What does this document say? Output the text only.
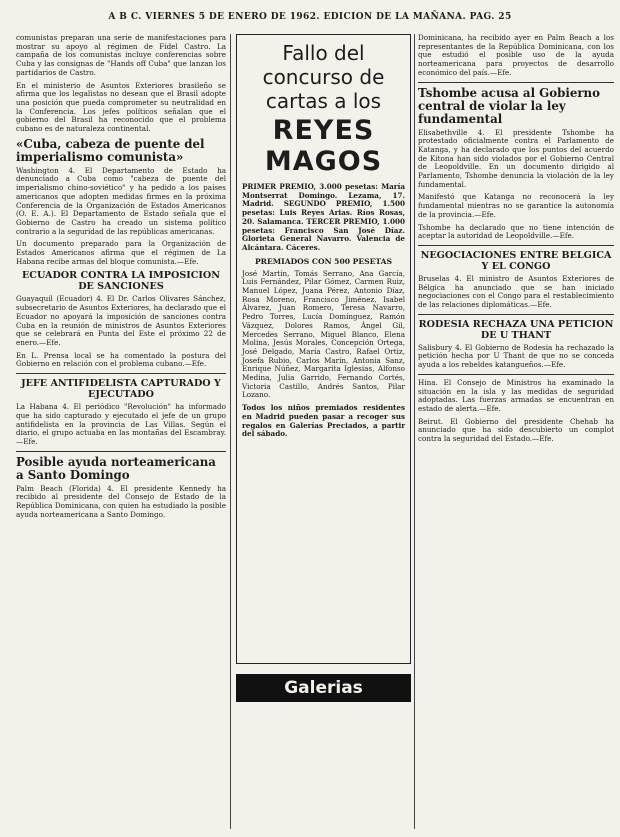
A B C. VIERNES 5 DE ENERO DE 1962. EDICION DE LA MAÑANA. PAG. 25

comunistas preparan una serie de manifestaciones para mostrar su apoyo al régimen de Fidel Castro. La campaña de los comunistas incluye conferencias sobre Cuba y las consignas de "Hands off Cuba" que lanzan los partidarios de Castro.

En el ministerio de Asuntos Exteriores brasileño se afirma que los legalistas no desean que el Brasil adopte una posición que pueda comprometer su neutralidad en la Conferencia. Los jefes políticos señalan que el gobierno del Brasil ha reconocido que el problema cubano es de naturaleza continental.

«Cuba, cabeza de puente del imperialismo comunista»

Washington 4. El Departamento de Estado ha denunciado a Cuba como "cabeza de puente del imperialismo chino-soviético" y ha pedido a los países americanos que adopten medidas firmes en la próxima Conferencia de la Organización de Estados Americanos (O. E. A.). El Departamento de Estado señala que el Gobierno de Castro ha creado un sistema político contrario a la seguridad de las repúblicas americanas.

Un documento preparado para la Organización de Estados Americanos afirma que el régimen de La Habana recibe armas del bloque comunista.—Efe.

ECUADOR CONTRA LA IMPOSICION DE SANCIONES

Guayaquil (Ecuador) 4. El Dr. Carlos Olivares Sánchez, subsecretario de Asuntos Exteriores, ha declarado que el Ecuador no apoyará la imposición de sanciones contra Cuba en la reunión de ministros de Asuntos Exteriores que se celebrará en Punta del Este el próximo 22 de enero.—Efe.

En L. Prensa local se ha comentado la postura del Gobierno en relación con el problema cubano.—Efe.

JEFE ANTIFIDELISTA CAPTURADO Y EJECUTADO

La Habana 4. El periódico "Revolución" ha informado que ha sido capturado y ejecutado el jefe de un grupo antifidelista en la provincia de Las Villas. Según el diario, el grupo actuaba en las montañas del Escambray.—Efe.

Posible ayuda norteamericana a Santo Domingo

Palm Beach (Florida) 4. El presidente Kennedy ha recibido al presidente del Consejo de Estado de la República Dominicana, con quien ha estudiado la posible ayuda norteamericana a Santo Domingo.

Fallo del concurso de cartas a los
REYES MAGOS

PRIMER PREMIO, 3.000 pesetas: María Montserrat Domingo. Lezama, 17. Madrid. SEGUNDO PREMIO, 1.500 pesetas: Luis Reyes Arias. Ríos Rosas, 20. Salamanca. TERCER PREMIO, 1.000 pesetas: Francisco San José Díaz. Glorieta General Navarro. Valencia de Alcántara. Cáceres.

PREMIADOS CON 500 PESETAS

José Martín, Tomás Serrano, Ana García, Luis Fernández, Pilar Gómez, Carmen Ruiz, Manuel López, Juana Pérez, Antonio Díaz, Rosa Moreno, Francisco Jiménez, Isabel Álvarez, Juan Romero, Teresa Navarro, Pedro Torres, Lucía Domínguez, Ramón Vázquez, Dolores Ramos, Ángel Gil, Mercedes Serrano, Miguel Blanco, Elena Molina, Jesús Morales, Concepción Ortega, José Delgado, María Castro, Rafael Ortiz, Josefa Rubio, Carlos Marín, Antonia Sanz, Enrique Núñez, Margarita Iglesias, Alfonso Medina, Julia Garrido, Fernando Cortés, Victoria Castillo, Andrés Santos, Pilar Lozano.

Todos los niños premiados residentes en Madrid pueden pasar a recoger sus regalos en Galerías Preciados, a partir del sábado.

Galerias Preciados

Dominicana, ha recibido ayer en Palm Beach a los representantes de la República Dominicana, con los que estudió el posible uso de la ayuda norteamericana para proyectos de desarrollo económico del país.—Efe.

Tshombe acusa al Gobierno central de violar la ley fundamental

Elisabethville 4. El presidente Tshombe ha protestado oficialmente contra el Parlamento de Katanga, y ha declarado que los puntos del acuerdo de Kitona han sido violados por el Gobierno Central de Leopoldville. En un documento dirigido al Parlamento, Tshombe denuncia la violación de la ley fundamental.

Manifestó que Katanga no reconocerá la ley fundamental mientras no se garantice la autonomía de la provincia.—Efe.

Tshombe ha declarado que no tiene intención de aceptar la autoridad de Leopoldville.—Efe.

NEGOCIACIONES ENTRE BELGICA Y EL CONGO

Bruselas 4. El ministro de Asuntos Exteriores de Bélgica ha anunciado que se han iniciado negociaciones con el Congo para el restablecimiento de las relaciones diplomáticas.—Efe.

RODESIA RECHAZA UNA PETICION DE U THANT

Salisbury 4. El Gobierno de Rodesia ha rechazado la petición hecha por U Thant de que no se conceda ayuda a los rebeldes katangueños.—Efe.

Hina. El Consejo de Ministros ha examinado la situación en la isla y las medidas de seguridad adoptadas. Las fuerzas armadas se encuentran en estado de alerta.—Efe.

Beirut. El Gobierno del presidente Chehab ha anunciado que ha sido descubierto un complot contra la seguridad del Estado.—Efe.
